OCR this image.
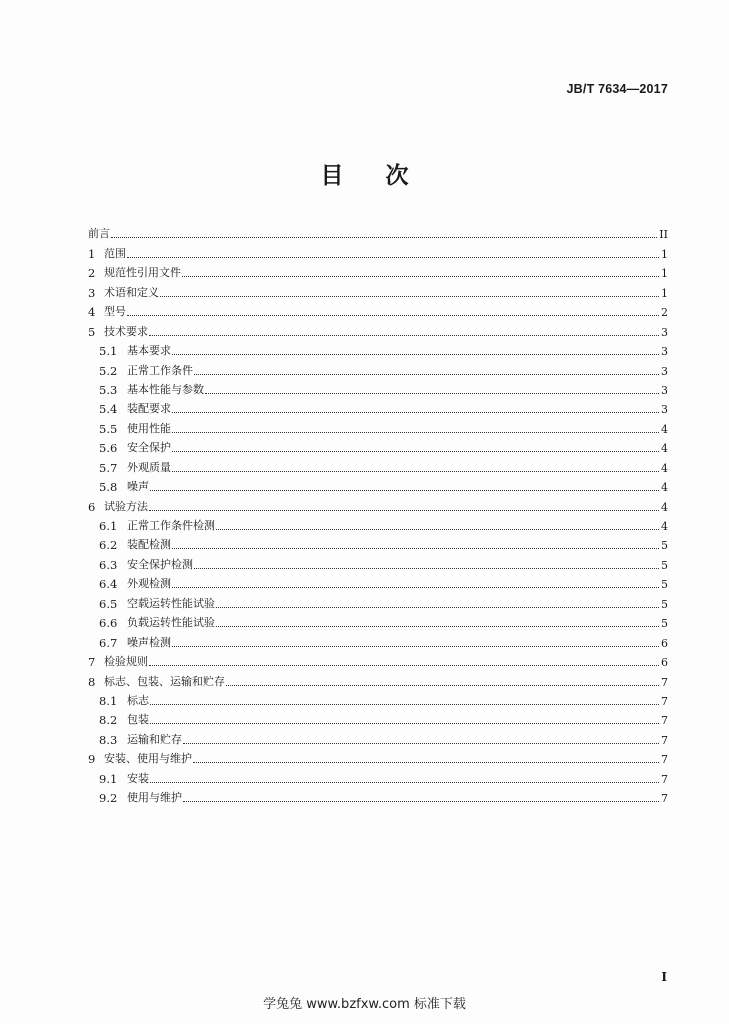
JB/T 7634—2017
目 次
前言	II
1 范围	1
2 规范性引用文件	1
3 术语和定义	1
4 型号	2
5 技术要求	3
5.1 基本要求	3
5.2 正常工作条件	3
5.3 基本性能与参数	3
5.4 装配要求	3
5.5 使用性能	4
5.6 安全保护	4
5.7 外观质量	4
5.8 噪声	4
6 试验方法	4
6.1 正常工作条件检测	4
6.2 装配检测	5
6.3 安全保护检测	5
6.4 外观检测	5
6.5 空载运转性能试验	5
6.6 负载运转性能试验	5
6.7 噪声检测	6
7 检验规则	6
8 标志、包装、运输和贮存	7
8.1 标志	7
8.2 包装	7
8.3 运输和贮存	7
9 安装、使用与维护	7
9.1 安装	7
9.2 使用与维护	7
I
学兔兔 www.bzfxw.com 标准下载
